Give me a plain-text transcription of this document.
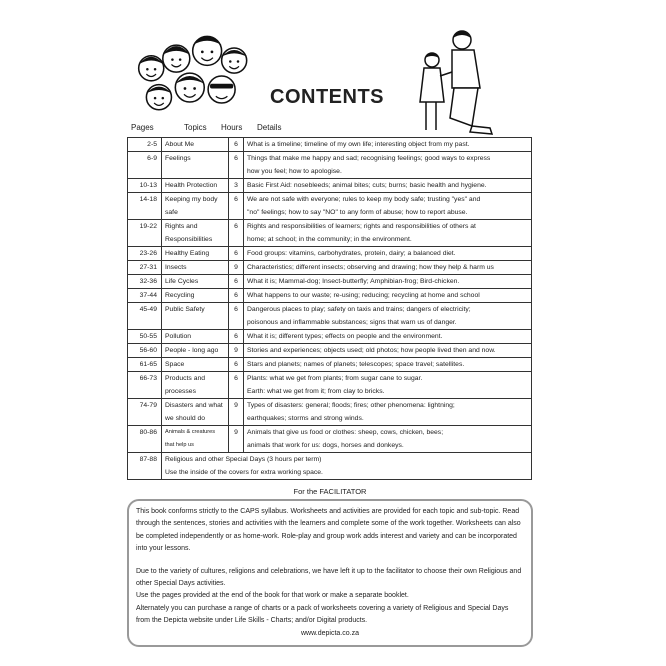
CONTENTS
Pages	Topics Hours Details
2-5	About Me	6	What is a timeline; timeline of my own life; interesting object from my past.

6-9	Feelings	6	Things that make me happy and sad; recognising feelings; good ways to express
how you feel; how to apologise.

10-13	Health Protection	3	Basic First Aid: nosebleeds; animal bites; cuts; burns; basic health and hygiene.

14-18	Keeping my body safe	6	We are not safe with everyone; rules to keep my body safe; trusting "yes" and
"no" feelings; how to say "NO" to any form of abuse; how to report abuse.

19-22	Rights and Responsibilities	6	Rights and responsibilities of learners; rights and responsibilities of others at
home; at school; in the community; in the environment.

23-26	Healthy Eating	6	Food groups: vitamins, carbohydrates, protein, dairy; a balanced diet.

27-31	Insects	9	Characteristics; different insects; observing and drawing; how they help & harm us

32-36	Life Cycles	6	What it is; Mammal-dog; Insect-butterfly; Amphibian-frog; Bird-chicken.

37-44	Recycling	6	What happens to our waste; re-using; reducing; recycling at home and school

45-49	Public Safety	6	Dangerous places to play; safety on taxis and trains; dangers of electricity;
poisonous and inflammable substances; signs that warn us of danger.

50-55	Pollution	6	What it is; different types; effects on people and the environment.

56-60	People - long ago	9	Stories and experiences; objects used; old photos; how people lived then and now.

61-65	Space	6	Stars and planets; names of planets; telescopes; space travel; satellites.

66-73	Products and processes	6	Plants: what we get from plants; from sugar cane to sugar.
Earth: what we get from it; from clay to bricks.

74-79	Disasters and what we should do	9	Types of disasters: general; floods; fires; other phenomena: lightning;
earthquakes; storms and strong winds.

80-86	Animals & creatures that help us	9	Animals that give us food or clothes: sheep, cows, chicken, bees;
animals that work for us: dogs, horses and donkeys.

87-88	Religious and other Special Days (3 hours per term)
Use the inside of the covers for extra working space.		
For the FACILITATOR

This book conforms strictly to the CAPS syllabus. Worksheets and activities are provided for each topic and sub-topic. Read through the sentences, stories and activities with the learners and complete some of the work together. Worksheets can also be completed independently or as home-work. Role-play and group work adds interest and variety and can be incorporated into your lessons.

Due to the variety of cultures, religions and celebrations, we have left it up to the facilitator to choose their own Religious and other Special Days activities.

Use the pages provided at the end of the book for that work or make a separate booklet.

Alternately you can purchase a range of charts or a pack of worksheets covering a variety of Religious and Special Days from the Depicta website under Life Skills - Charts; and/or Digital products.

www.depicta.co.za
